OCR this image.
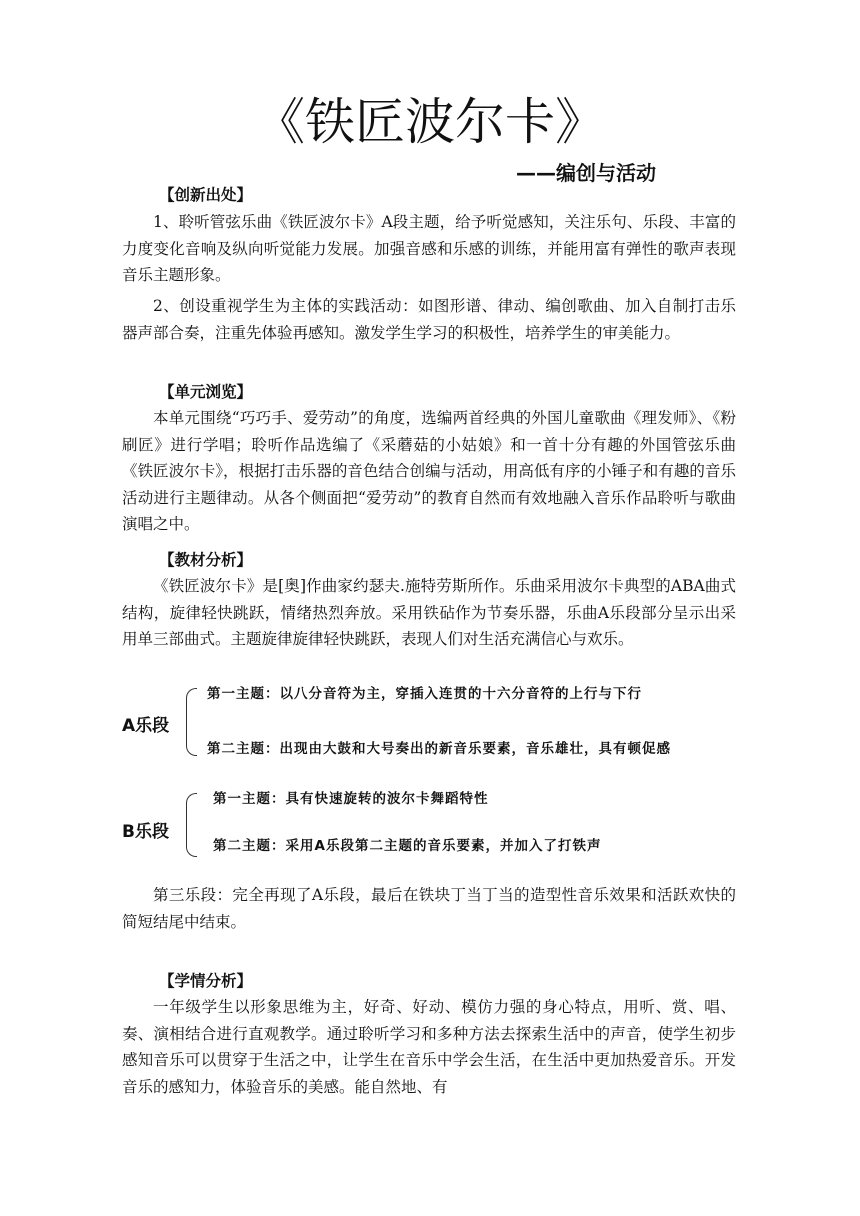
《铁匠波尔卡》
——编创与活动
【创新出处】
1、聆听管弦乐曲《铁匠波尔卡》A段主题，给予听觉感知，关注乐句、乐段、丰富的力度变化音响及纵向听觉能力发展。加强音感和乐感的训练，并能用富有弹性的歌声表现音乐主题形象。
2、创设重视学生为主体的实践活动：如图形谱、律动、编创歌曲、加入自制打击乐器声部合奏，注重先体验再感知。激发学生学习的积极性，培养学生的审美能力。
【单元浏览】
本单元围绕“巧巧手、爱劳动”的角度，选编两首经典的外国儿童歌曲《理发师》、《粉刷匠》进行学唱；聆听作品选编了《采蘑菇的小姑娘》和一首十分有趣的外国管弦乐曲《铁匠波尔卡》，根据打击乐器的音色结合创编与活动，用高低有序的小锤子和有趣的音乐活动进行主题律动。从各个侧面把“爱劳动”的教育自然而有效地融入音乐作品聆听与歌曲演唱之中。
【教材分析】
《铁匠波尔卡》是[奥]作曲家约瑟夫.施特劳斯所作。乐曲采用波尔卡典型的ABA曲式结构，旋律轻快跳跃，情绪热烈奔放。采用铁砧作为节奏乐器，乐曲A乐段部分呈示出采用单三部曲式。主题旋律旋律轻快跳跃，表现人们对生活充满信心与欢乐。
A乐段
第一主题：以八分音符为主，穿插入连贯的十六分音符的上行与下行
第二主题：出现由大鼓和大号奏出的新音乐要素，音乐雄壮，具有顿促感
B乐段
第一主题：具有快速旋转的波尔卡舞蹈特性
第二主题：采用A乐段第二主题的音乐要素，并加入了打铁声
第三乐段：完全再现了A乐段，最后在铁块丁当丁当的造型性音乐效果和活跃欢快的简短结尾中结束。
【学情分析】
一年级学生以形象思维为主，好奇、好动、模仿力强的身心特点，用听、赏、唱、奏、演相结合进行直观教学。通过聆听学习和多种方法去探索生活中的声音，使学生初步感知音乐可以贯穿于生活之中，让学生在音乐中学会生活，在生活中更加热爱音乐。开发音乐的感知力，体验音乐的美感。能自然地、有
